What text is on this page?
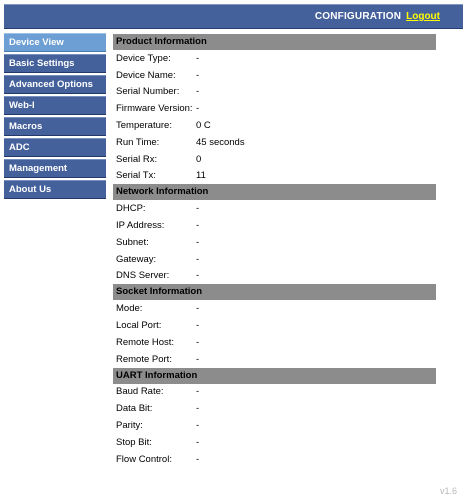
CONFIGURATION Logout
Device View
Basic Settings
Advanced Options
Web-I
Macros
ADC
Management
About Us
Product Information
Device Type:	-
Device Name:	-
Serial Number:	-
Firmware Version: -
Temperature:	0 C
Run Time:	45 seconds
Serial Rx:	0
Serial Tx:	11
Network Information
DHCP:	-
IP Address:	-
Subnet:	-
Gateway:	-
DNS Server:	-
Socket Information
Mode:	-
Local Port:	-
Remote Host:	-
Remote Port:	-
UART Information
Baud Rate:	-
Data Bit:	-
Parity:	-
Stop Bit:	-
Flow Control:	-
v1.6
